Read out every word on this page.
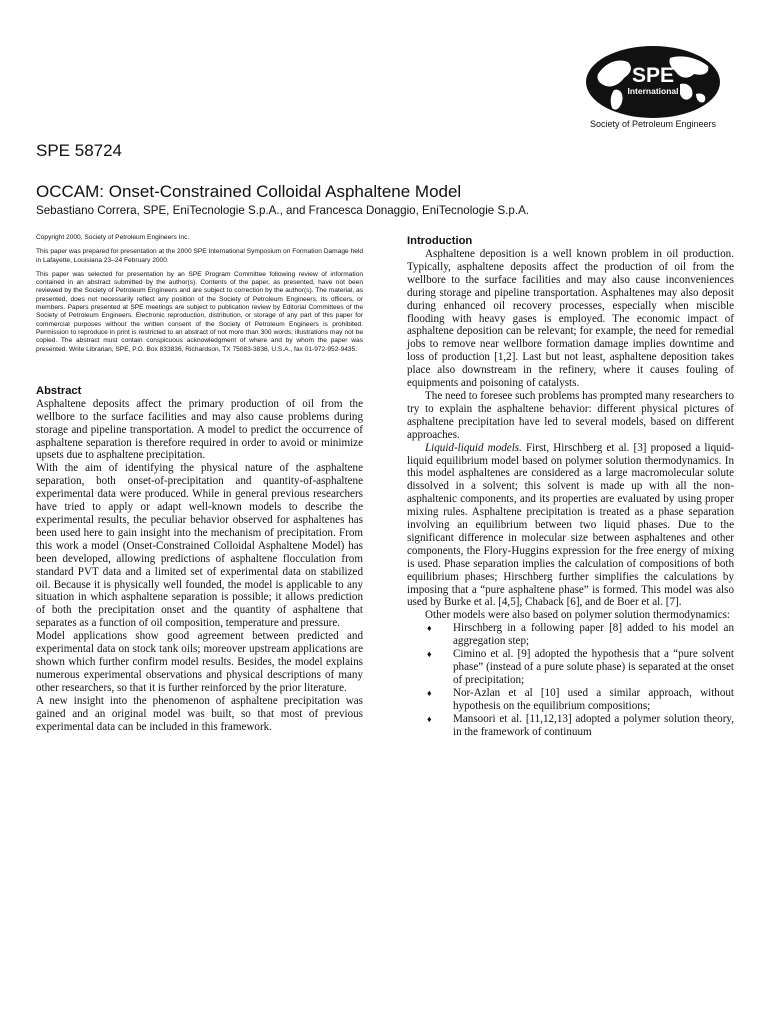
SPE
International
Society of Petroleum Engineers
SPE 58724
OCCAM: Onset-Constrained Colloidal Asphaltene Model

Sebastiano Correra, SPE, EniTecnologie S.p.A., and Francesca Donaggio, EniTecnologie S.p.A.

Copyright 2000, Society of Petroleum Engineers Inc.

This paper was prepared for presentation at the 2000 SPE International Symposium on Formation Damage held in Lafayette, Louisiana 23–24 February 2000.

This paper was selected for presentation by an SPE Program Committee following review of information contained in an abstract submitted by the author(s). Contents of the paper, as presented, have not been reviewed by the Society of Petroleum Engineers and are subject to correction by the author(s). The material, as presented, does not necessarily reflect any position of the Society of Petroleum Engineers, its officers, or members. Papers presented at SPE meetings are subject to publication review by Editorial Committees of the Society of Petroleum Engineers. Electronic reproduction, distribution, or storage of any part of this paper for commercial purposes without the written consent of the Society of Petroleum Engineers is prohibited. Permission to reproduce in print is restricted to an abstract of not more than 300 words; illustrations may not be copied. The abstract must contain conspicuous acknowledgment of where and by whom the paper was presented. Write Librarian, SPE, P.O. Box 833836, Richardson, TX 75083-3836, U.S.A., fax 01-972-952-9435.

Abstract

Asphaltene deposits affect the primary production of oil from the wellbore to the surface facilities and may also cause problems during storage and pipeline transportation. A model to predict the occurrence of asphaltene separation is therefore required in order to avoid or minimize upsets due to asphaltene precipitation.

With the aim of identifying the physical nature of the asphaltene separation, both onset-of-precipitation and quantity-of-asphaltene experimental data were produced. While in general previous researchers have tried to apply or adapt well-known models to describe the experimental results, the peculiar behavior observed for asphaltenes has been used here to gain insight into the mechanism of precipitation. From this work a model (Onset-Constrained Colloidal Asphaltene Model) has been developed, allowing predictions of asphaltene flocculation from standard PVT data and a limited set of experimental data on stabilized oil. Because it is physically well founded, the model is applicable to any situation in which asphaltene separation is possible; it allows prediction of both the precipitation onset and the quantity of asphaltene that separates as a function of oil composition, temperature and pressure.

Model applications show good agreement between predicted and experimental data on stock tank oils; moreover upstream applications are shown which further confirm model results. Besides, the model explains numerous experimental observations and physical descriptions of many other researchers, so that it is further reinforced by the prior literature.

A new insight into the phenomenon of asphaltene precipitation was gained and an original model was built, so that most of previous experimental data can be included in this framework.

Introduction

Asphaltene deposition is a well known problem in oil production. Typically, asphaltene deposits affect the production of oil from the wellbore to the surface facilities and may also cause inconveniences during storage and pipeline transportation. Asphaltenes may also deposit during enhanced oil recovery processes, especially when miscible flooding with heavy gases is employed. The economic impact of asphaltene deposition can be relevant; for example, the need for remedial jobs to remove near wellbore formation damage implies downtime and loss of production [1,2]. Last but not least, asphaltene deposition takes place also downstream in the refinery, where it causes fouling of equipments and poisoning of catalysts.

The need to foresee such problems has prompted many researchers to try to explain the asphaltene behavior: different physical pictures of asphaltene precipitation have led to several models, based on different approaches.

Liquid-liquid models. First, Hirschberg et al. [3] proposed a liquid-liquid equilibrium model based on polymer solution thermodynamics. In this model asphaltenes are considered as a large macromolecular solute dissolved in a solvent; this solvent is made up with all the non-asphaltenic components, and its properties are evaluated by using proper mixing rules. Asphaltene precipitation is treated as a phase separation involving an equilibrium between two liquid phases. Due to the significant difference in molecular size between asphaltenes and other components, the Flory-Huggins expression for the free energy of mixing is used. Phase separation implies the calculation of compositions of both equilibrium phases; Hirschberg further simplifies the calculations by imposing that a “pure asphaltene phase” is formed. This model was also used by Burke et al. [4,5], Chaback [6], and de Boer et al. [7].

Other models were also based on polymer solution thermodynamics:

♦ Hirschberg in a following paper [8] added to his model an aggregation step;
♦ Cimino et al. [9] adopted the hypothesis that a “pure solvent phase” (instead of a pure solute phase) is separated at the onset of precipitation;
♦ Nor-Azlan et al [10] used a similar approach, without hypothesis on the equilibrium compositions;
♦ Mansoori et al. [11,12,13] adopted a polymer solution theory, in the framework of continuum
